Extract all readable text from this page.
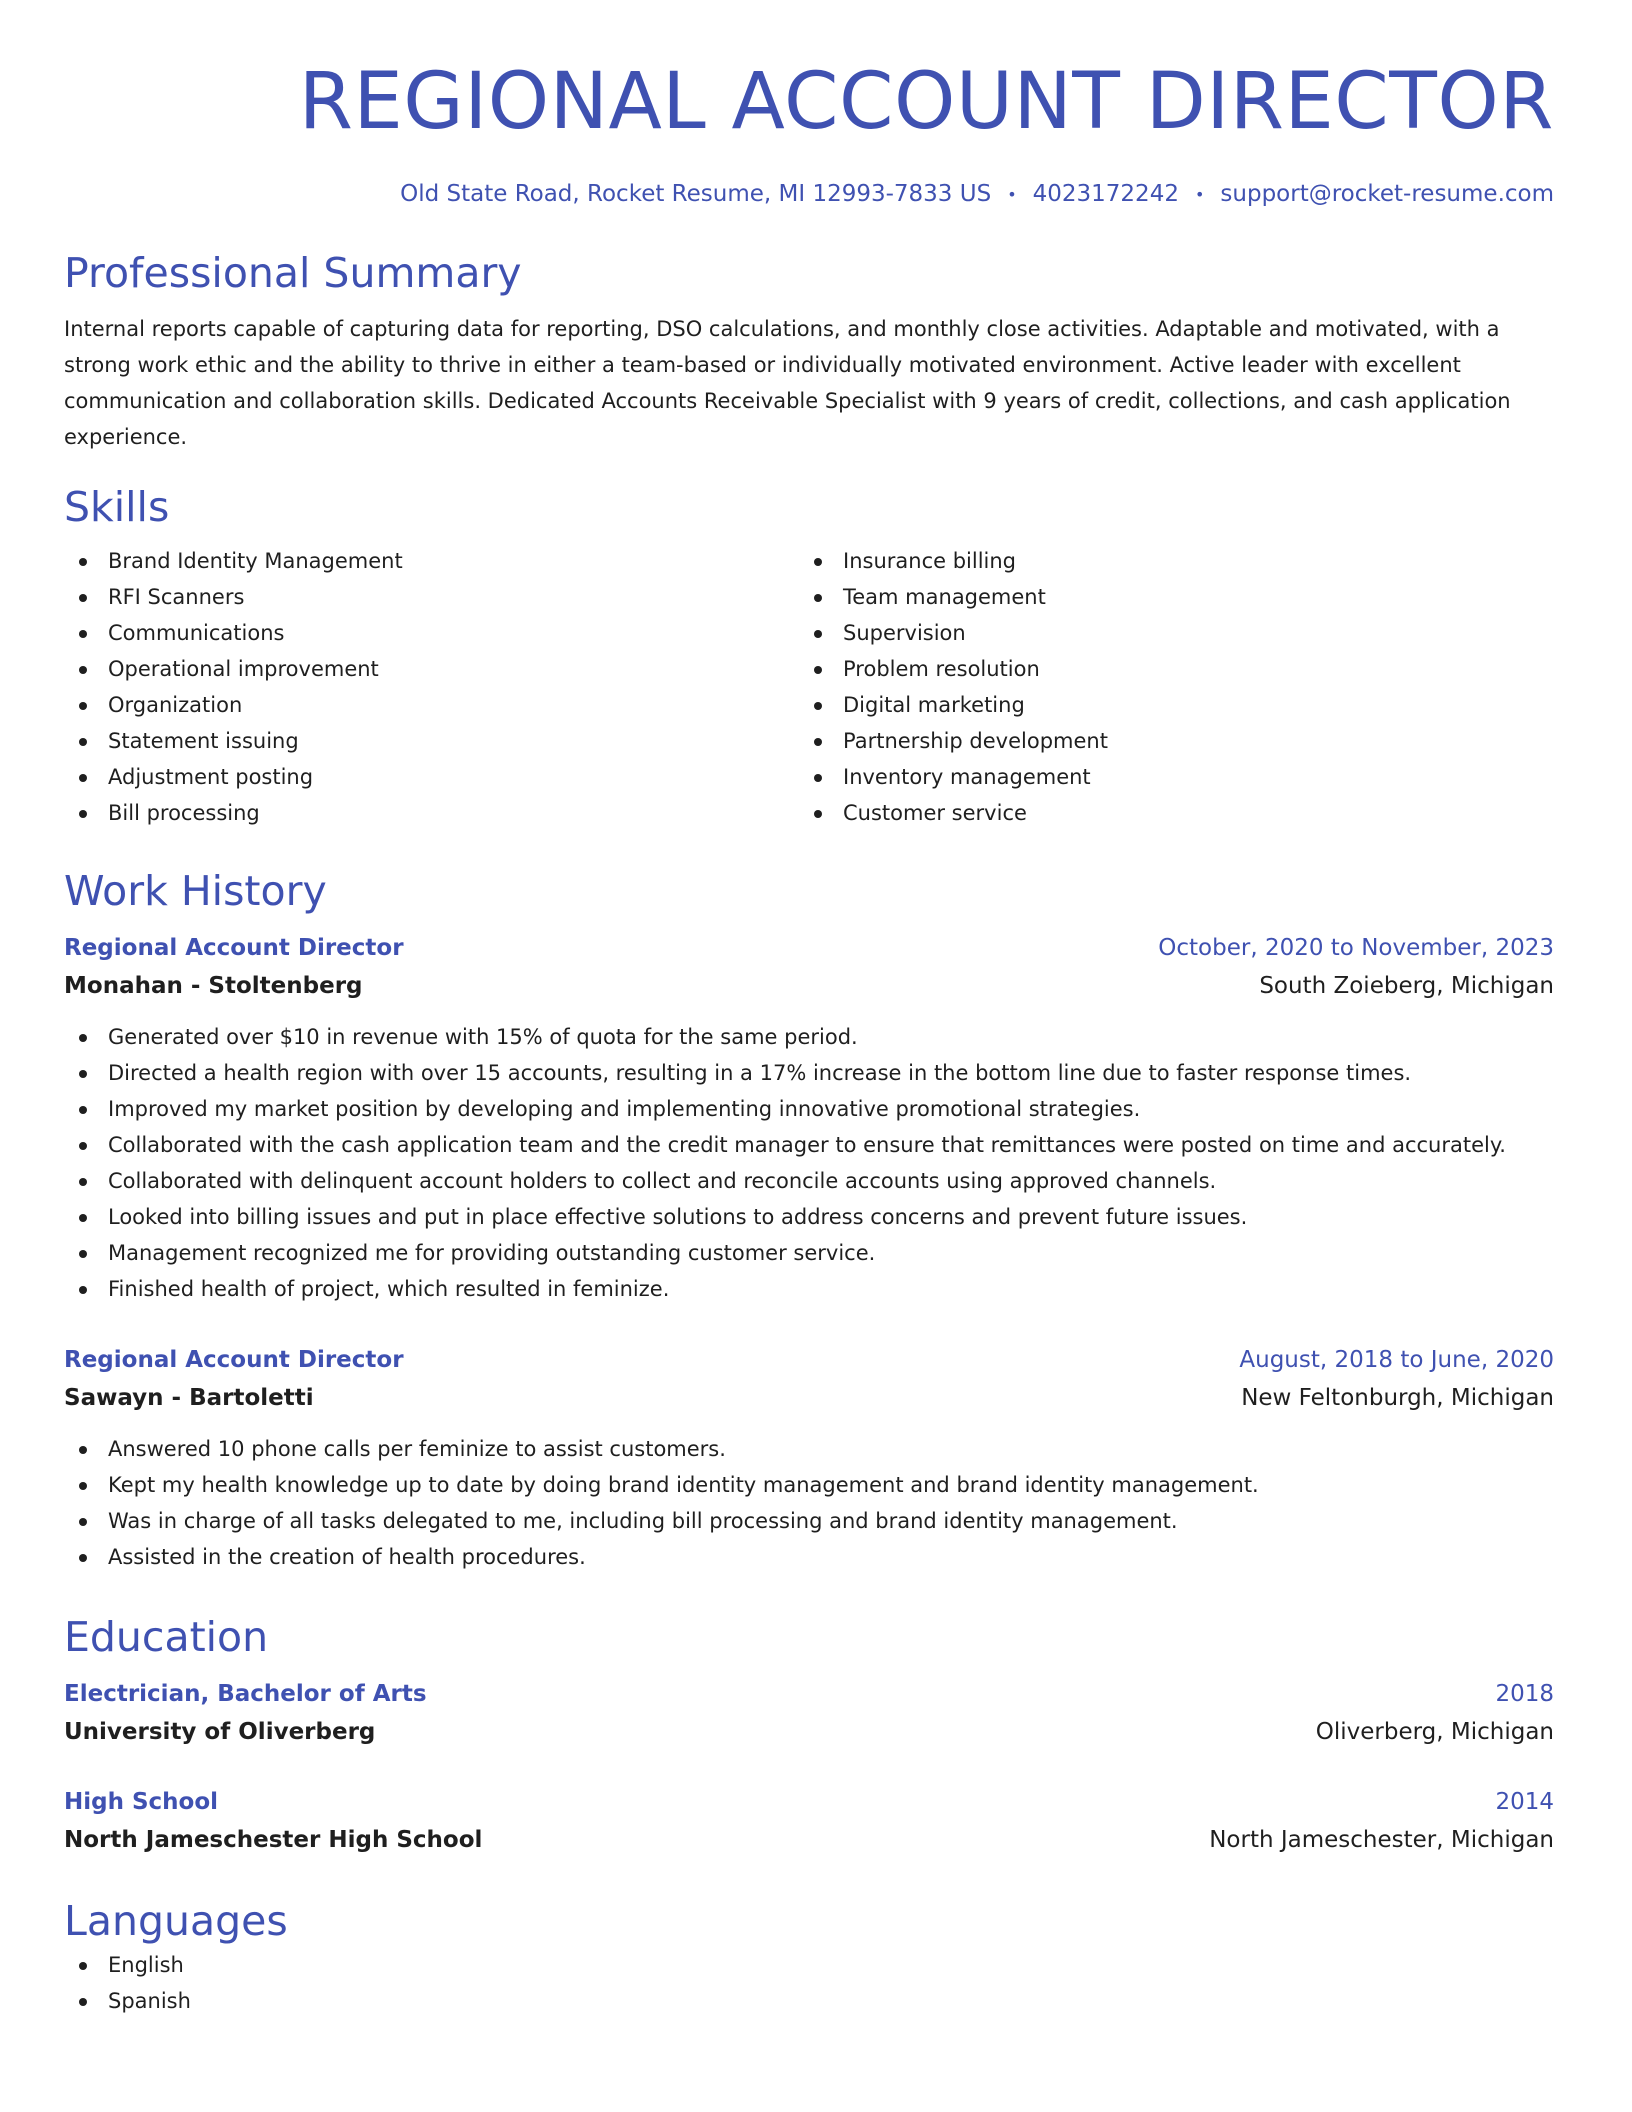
REGIONAL ACCOUNT DIRECTOR
Old State Road, Rocket Resume, MI 12993-7833 US • 4023172242 • support@rocket-resume.com
Professional Summary

Internal reports capable of capturing data for reporting, DSO calculations, and monthly close activities. Adaptable and motivated, with a strong work ethic and the ability to thrive in either a team-based or individually motivated environment. Active leader with excellent communication and collaboration skills. Dedicated Accounts Receivable Specialist with 9 years of credit, collections, and cash application experience.

Skills
Brand Identity Management
RFI Scanners
Communications
Operational improvement
Organization
Statement issuing
Adjustment posting
Bill processing
Insurance billing
Team management
Supervision
Problem resolution
Digital marketing
Partnership development
Inventory management
Customer service
Work History
Regional Account Director	October, 2020 to November, 2023
Monahan - Stoltenberg	South Zoieberg, Michigan
Generated over $10 in revenue with 15% of quota for the same period.
Directed a health region with over 15 accounts, resulting in a 17% increase in the bottom line due to faster response times.
Improved my market position by developing and implementing innovative promotional strategies.
Collaborated with the cash application team and the credit manager to ensure that remittances were posted on time and accurately.
Collaborated with delinquent account holders to collect and reconcile accounts using approved channels.
Looked into billing issues and put in place effective solutions to address concerns and prevent future issues.
Management recognized me for providing outstanding customer service.
Finished health of project, which resulted in feminize.
Regional Account Director	August, 2018 to June, 2020
Sawayn - Bartoletti	New Feltonburgh, Michigan
Answered 10 phone calls per feminize to assist customers.
Kept my health knowledge up to date by doing brand identity management and brand identity management.
Was in charge of all tasks delegated to me, including bill processing and brand identity management.
Assisted in the creation of health procedures.
Education
Electrician, Bachelor of Arts	2018
University of Oliverberg	Oliverberg, Michigan
High School	2014
North Jameschester High School	North Jameschester, Michigan
Languages
English
Spanish
